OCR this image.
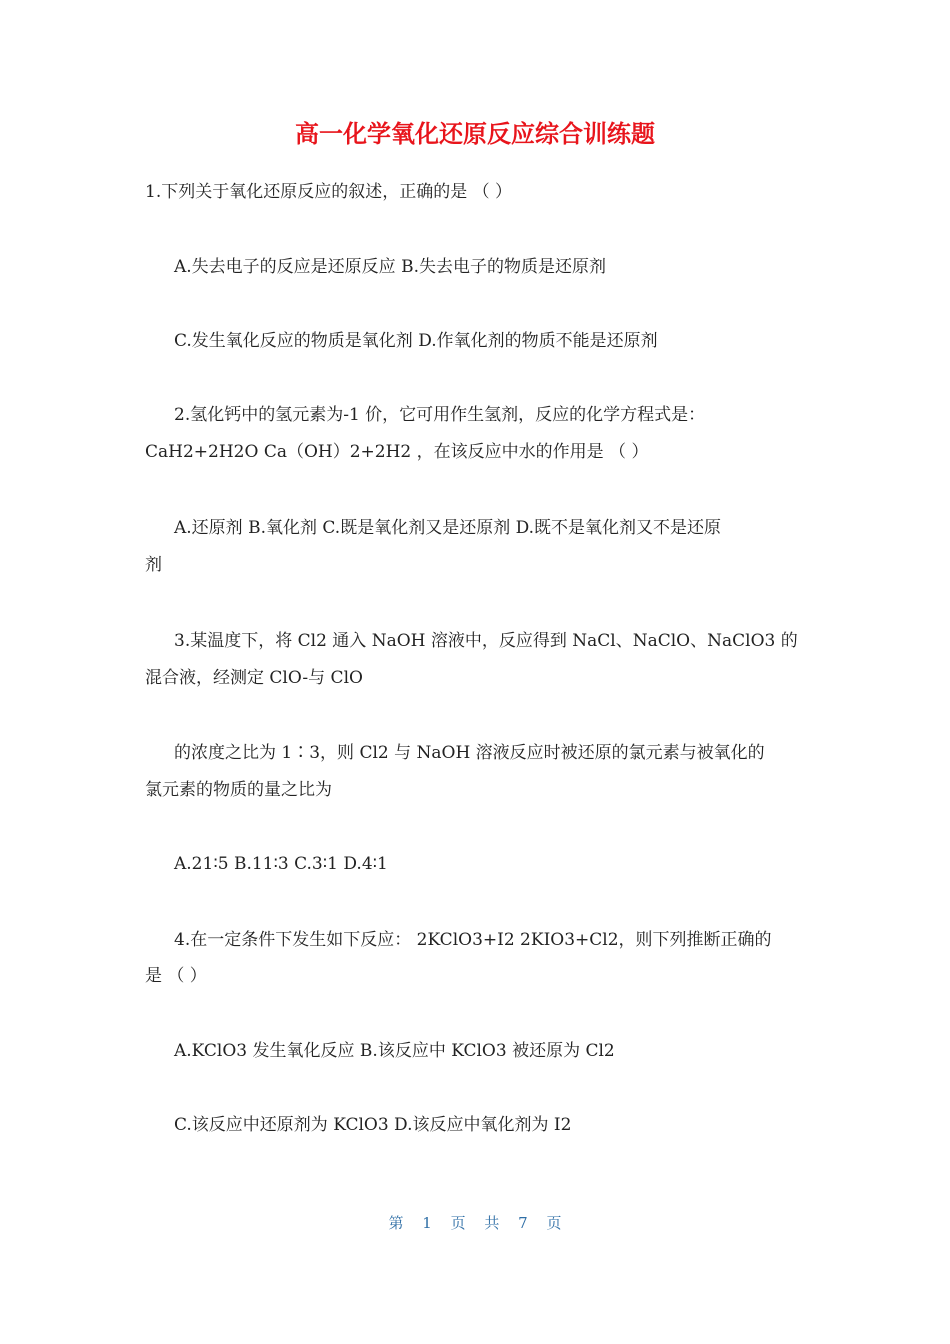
高一化学氧化还原反应综合训练题

1.下列关于氧化还原反应的叙述，正确的是 （ ）

A.失去电子的反应是还原反应 B.失去电子的物质是还原剂

C.发生氧化反应的物质是氧化剂 D.作氧化剂的物质不能是还原剂

2.氢化钙中的氢元素为-1 价，它可用作生氢剂，反应的化学方程式是：

CaH2+2H2O Ca（OH）2+2H2 ，在该反应中水的作用是 （ ）

A.还原剂 B.氧化剂 C.既是氧化剂又是还原剂 D.既不是氧化剂又不是还原

剂

3.某温度下，将 Cl2 通入 NaOH 溶液中，反应得到 NaCl、NaClO、NaClO3 的

混合液，经测定 ClO-与 ClO

的浓度之比为 1∶3，则 Cl2 与 NaOH 溶液反应时被还原的氯元素与被氧化的

氯元素的物质的量之比为

A.21∶5 B.11∶3 C.3∶1 D.4∶1

4.在一定条件下发生如下反应： 2KClO3+I2 2KIO3+Cl2，则下列推断正确的

是 （ ）

A.KClO3 发生氧化反应 B.该反应中 KClO3 被还原为 Cl2

C.该反应中还原剂为 KClO3 D.该反应中氧化剂为 I2

第 1 页 共 7 页
